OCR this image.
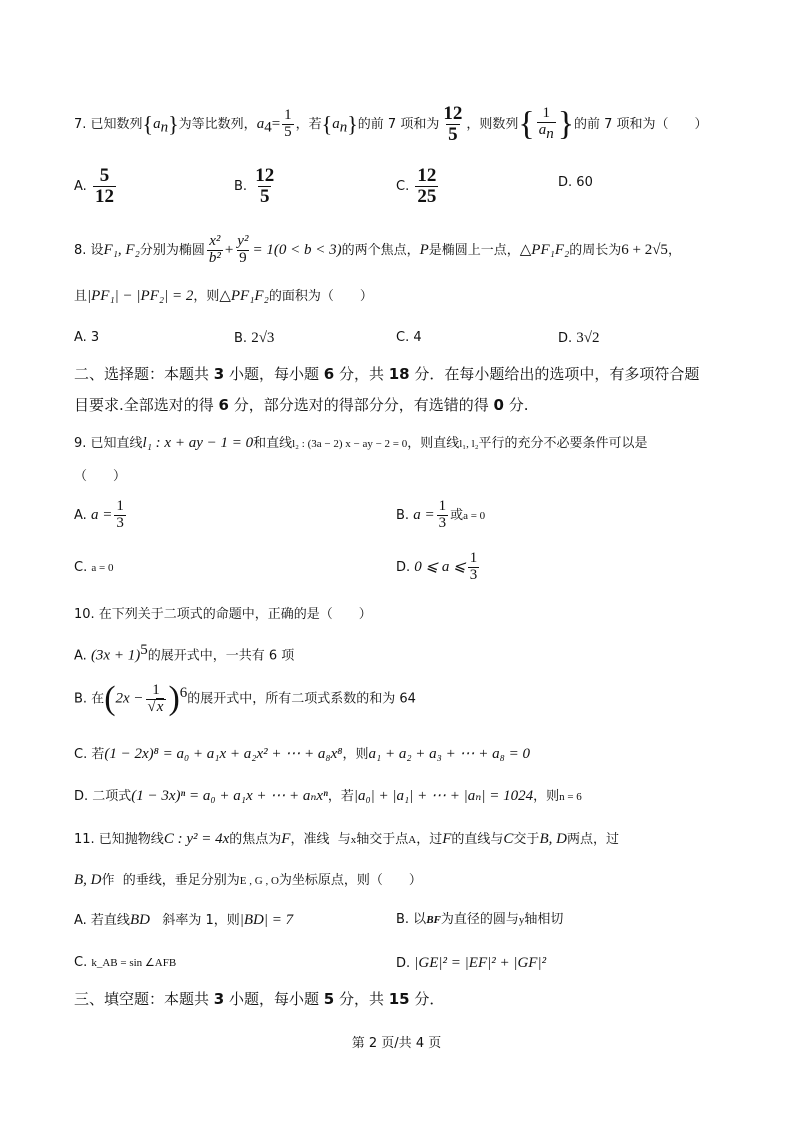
7. 已知数列$\{a_n\}$为等比数列，$a_4= \frac{1}{5}$ ，若$\{a_n\}$的前 7 项和为 $\frac{12}{5}$ ，则数列{ $\frac{1}{a_n}$ }的前 7 项和为（　　）
A. $\frac{5}{12}$	B. $\frac{12}{5}$	C. $\frac{12}{25}$	D. 60
8. 设F₁, F₂分别为椭圆 $\frac{\text{x²}}{\text{b²}} + \frac{\text{y²}}{9} = 1(0 < b < 3)$的两个焦点，P是椭圆上一点，△PF₁F₂的周长为6 + 2√5，
且|PF₁| − |PF₂| = 2，则△PF₁F₂的面积为（　　）
A. 3	B. 2√3	C. 4	D. 3√2
二、选择题：本题共 3 小题，每小题 6 分，共 18 分．在每小题给出的选项中，有多项符合题
目要求.全部选对的得 6 分，部分选对的得部分分，有选错的得 0 分.
9. 已知直线l₁ : x + ay − 1 = 0和直线l₂ : (3a − 2) x − ay − 2 = 0，则直线l₁, l₂平行的充分不必要条件可以是
（　　）
A. $a = \frac{1}{3}$	B. $a = \frac{1}{3}$ 或a = 0
C. a = 0	D. 0 ⩽ a ⩽ $\frac{1}{3}$
10. 在下列关于二项式的命题中，正确的是（　　）
A. $(3x + 1)^5$的展开式中，一共有 6 项
B. 在$(2x - \frac{1}{√x} )^6$的展开式中，所有二项式系数的和为 64
C. 若(1 − 2x)⁸ = a₀ + a₁x + a₂x² + ⋯ + a₈x⁸，则a₁ + a₂ + a₃ + ⋯ + a₈ = 0
D. 二项式(1 − 3x)ⁿ = a₀ + a₁x + ⋯ + aₙxⁿ，若|a₀| + |a₁| + ⋯ + |aₙ| = 1024，则n = 6
11. 已知抛物线C : y² = 4x的焦点为F，准线 与x轴交于点A，过F的直线与C交于B, D两点，过
B, D作 的垂线，垂足分别为E , G , O为坐标原点，则（　　）
A. 若直线BD 斜率为 1，则|BD| = 7	B. 以BF为直径的圆与y轴相切
C. k_AB = sin ∠AFB	D. |GE|² = |EF|² + |GF|²
三、填空题：本题共 3 小题，每小题 5 分，共 15 分．
第 2 页/共 4 页
